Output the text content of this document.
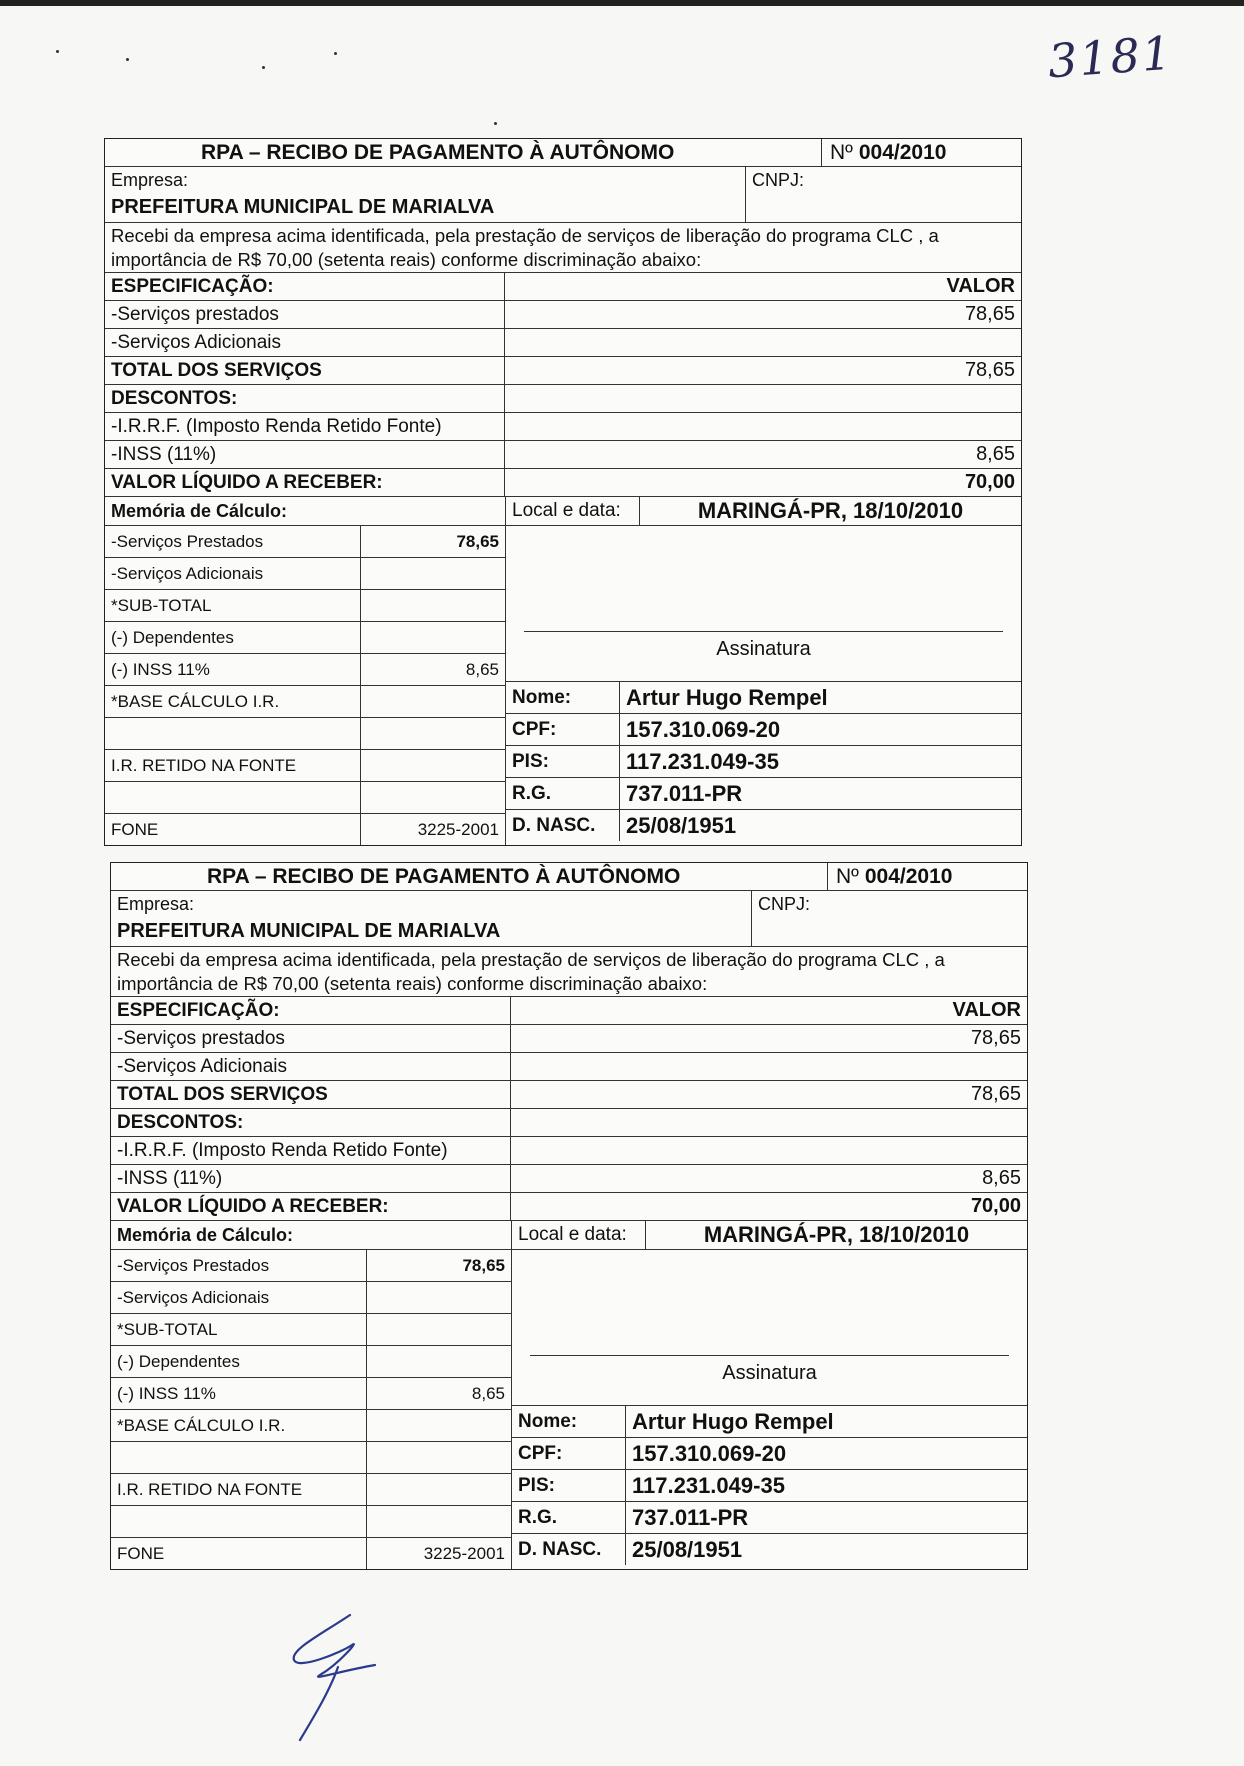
3181
RPA – RECIBO DE PAGAMENTO À AUTÔNOMO	Nº 004/2010
Empresa:
PREFEITURA MUNICIPAL DE MARIALVA
CNPJ:
Recebi da empresa acima identificada, pela prestação de serviços de liberação do programa CLC , a importância de R$ 70,00 (setenta reais) conforme discriminação abaixo:
ESPECIFICAÇÃO:	VALOR
-Serviços prestados	78,65
-Serviços Adicionais
TOTAL DOS SERVIÇOS	78,65
DESCONTOS:
-I.R.R.F. (Imposto Renda Retido Fonte)
-INSS (11%)	8,65
VALOR LÍQUIDO A RECEBER:	70,00
Memória de Cálculo:
-Serviços Prestados	78,65
-Serviços Adicionais
*SUB-TOTAL
(-) Dependentes
(-) INSS 11%	8,65
*BASE CÁLCULO I.R.
I.R. RETIDO NA FONTE
FONE	3225-2001
Local e data:	MARINGÁ-PR, 18/10/2010
Assinatura
Nome:	Artur Hugo Rempel
CPF:	157.310.069-20
PIS:	117.231.049-35
R.G.	737.011-PR
D. NASC.	25/08/1951
RPA – RECIBO DE PAGAMENTO À AUTÔNOMO	Nº 004/2010
Empresa:
PREFEITURA MUNICIPAL DE MARIALVA
CNPJ:
Recebi da empresa acima identificada, pela prestação de serviços de liberação do programa CLC , a importância de R$ 70,00 (setenta reais) conforme discriminação abaixo:
ESPECIFICAÇÃO:	VALOR
-Serviços prestados	78,65
-Serviços Adicionais
TOTAL DOS SERVIÇOS	78,65
DESCONTOS:
-I.R.R.F. (Imposto Renda Retido Fonte)
-INSS (11%)	8,65
VALOR LÍQUIDO A RECEBER:	70,00
Memória de Cálculo:
-Serviços Prestados	78,65
-Serviços Adicionais
*SUB-TOTAL
(-) Dependentes
(-) INSS 11%	8,65
*BASE CÁLCULO I.R.
I.R. RETIDO NA FONTE
FONE	3225-2001
Local e data:	MARINGÁ-PR, 18/10/2010
Assinatura
Nome:	Artur Hugo Rempel
CPF:	157.310.069-20
PIS:	117.231.049-35
R.G.	737.011-PR
D. NASC.	25/08/1951
